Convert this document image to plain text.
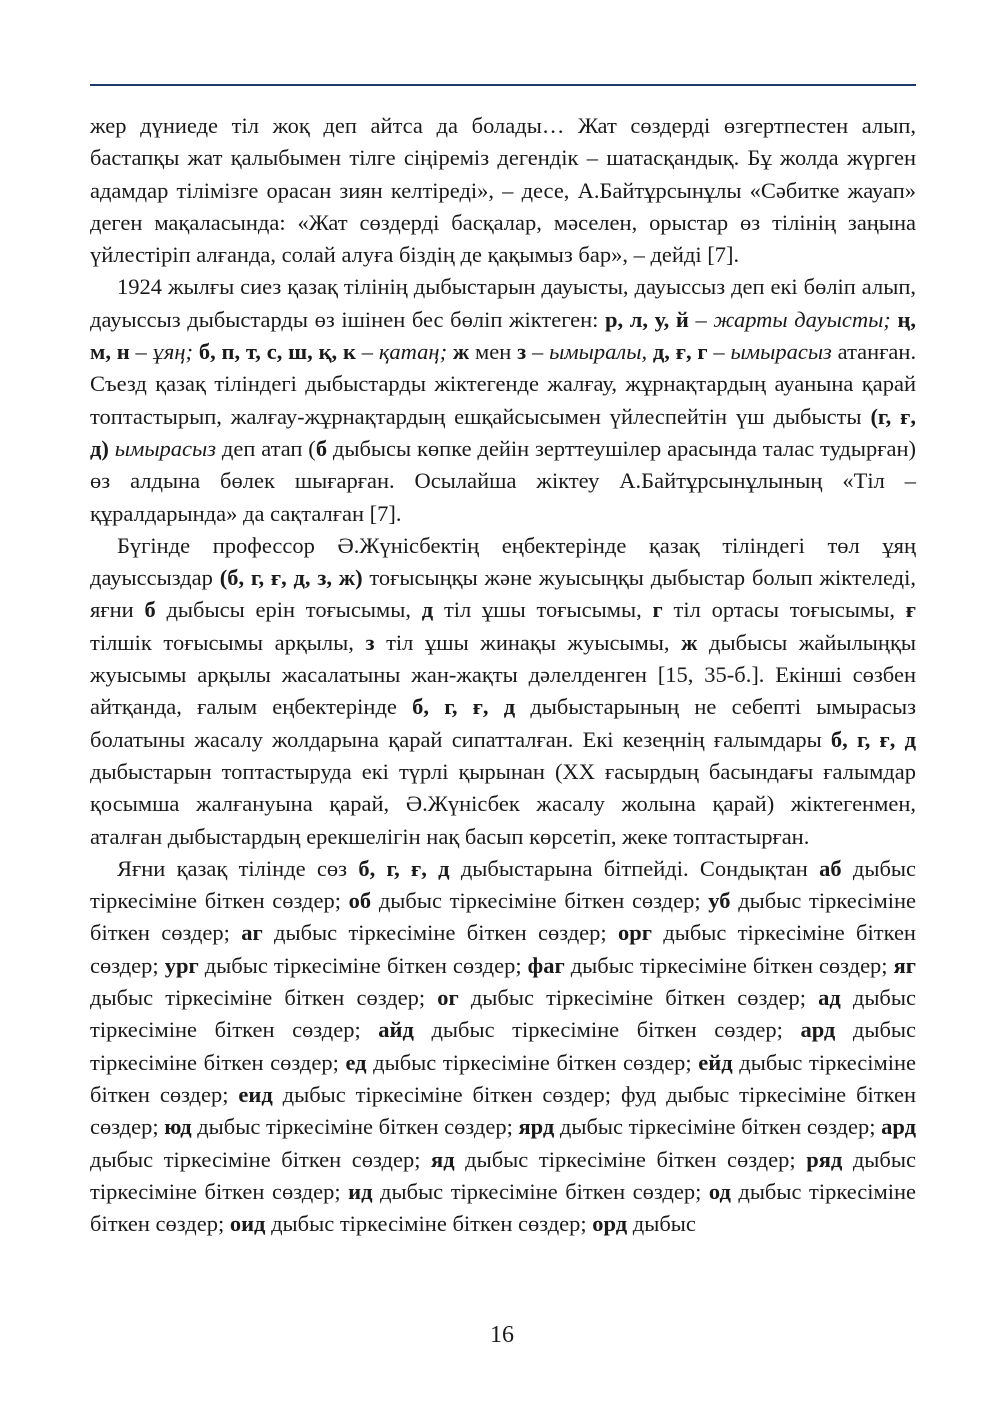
жер дүниеде тіл жоқ деп айтса да болады… Жат сөздерді өзгертпестен алып, бастапқы жат қалыбымен тілге сіңіреміз дегендік – шатасқандық. Бұ жолда жүрген адамдар тілімізге орасан зиян келтіреді», – десе, А.Байтұрсынұлы «Сәбитке жауап» деген мақаласында: «Жат сөздерді басқалар, мәселен, орыстар өз тілінің заңына үйлестіріп алғанда, солай алуға біздің де қақымыз бар», – дейді [7].

1924 жылғы сиез қазақ тілінің дыбыстарын дауысты, дауыссыз деп екі бөліп алып, дауыссыз дыбыстарды өз ішінен бес бөліп жіктеген: р, л, у, й – жарты дауысты; ң, м, н – ұяң; б, п, т, с, ш, қ, к – қатаң; ж мен з – ымыралы, д, ғ, г – ымырасыз атанған. Съезд қазақ тіліндегі дыбыстарды жіктегенде жалғау, жұрнақтардың ауанына қарай топтастырып, жалғау-жұрнақтардың ешқайсысымен үйлеспейтін үш дыбысты (г, ғ, д) ымырасыз деп атап (б дыбысы көпке дейін зерттеушілер арасында талас тудырған) өз алдына бөлек шығарған. Осылайша жіктеу А.Байтұрсынұлының «Тіл – құралдарында» да сақталған [7].

Бүгінде профессор Ә.Жүнісбектің еңбектерінде қазақ тіліндегі төл ұяң дауыссыздар (б, г, ғ, д, з, ж) тоғысыңқы және жуысыңқы дыбыстар болып жіктеледі, яғни б дыбысы ерін тоғысымы, д тіл ұшы тоғысымы, г тіл ортасы тоғысымы, ғ тілшік тоғысымы арқылы, з тіл ұшы жинақы жуысымы, ж дыбысы жайылыңқы жуысымы арқылы жасалатыны жан-жақты дәлелденген [15, 35-б.]. Екінші сөзбен айтқанда, ғалым еңбектерінде б, г, ғ, д дыбыстарының не себепті ымырасыз болатыны жасалу жолдарына қарай сипатталған. Екі кезеңнің ғалымдары б, г, ғ, д дыбыстарын топтастыруда екі түрлі қырынан (ХХ ғасырдың басындағы ғалымдар қосымша жалғануына қарай, Ә.Жүнісбек жасалу жолына қарай) жіктегенмен, аталған дыбыстардың ерекшелігін нақ басып көрсетіп, жеке топтастырған.

Яғни қазақ тілінде сөз б, г, ғ, д дыбыстарына бітпейді. Сондықтан аб дыбыс тіркесіміне біткен сөздер; об дыбыс тіркесіміне біткен сөздер; уб дыбыс тіркесіміне біткен сөздер; аг дыбыс тіркесіміне біткен сөздер; орг дыбыс тіркесіміне біткен сөздер; ург дыбыс тіркесіміне біткен сөздер; фаг дыбыс тіркесіміне біткен сөздер; яг дыбыс тіркесіміне біткен сөздер; ог дыбыс тіркесіміне біткен сөздер; ад дыбыс тіркесіміне біткен сөздер; айд дыбыс тіркесіміне біткен сөздер; ард дыбыс тіркесіміне біткен сөздер; ед дыбыс тіркесіміне біткен сөздер; ейд дыбыс тіркесіміне біткен сөздер; еид дыбыс тіркесіміне біткен сөздер; фуд дыбыс тіркесіміне біткен сөздер; юд дыбыс тіркесіміне біткен сөздер; ярд дыбыс тіркесіміне біткен сөздер; ард дыбыс тіркесіміне біткен сөздер; яд дыбыс тіркесіміне біткен сөздер; ряд дыбыс тіркесіміне біткен сөздер; ид дыбыс тіркесіміне біткен сөздер; од дыбыс тіркесіміне біткен сөздер; оид дыбыс тіркесіміне біткен сөздер; орд дыбыс

16
